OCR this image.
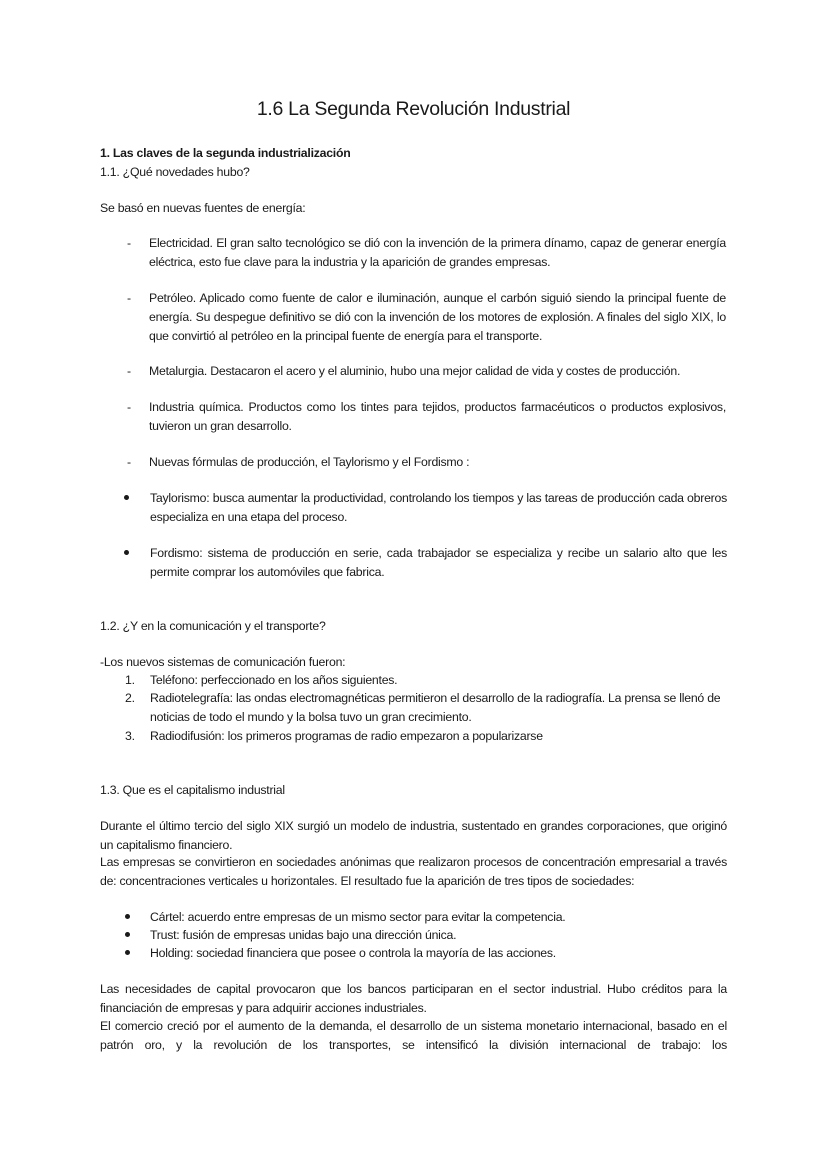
1.6 La Segunda Revolución Industrial
1. Las claves de la segunda industrialización
1.1. ¿Qué novedades hubo?
Se basó en nuevas fuentes de energía:
- Electricidad. El gran salto tecnológico se dió con la invención de la primera dínamo, capaz de generar energía eléctrica, esto fue clave para la industria y la aparición de grandes empresas.
- Petróleo. Aplicado como fuente de calor e iluminación, aunque el carbón siguió siendo la principal fuente de energía. Su despegue definitivo se dió con la invención de los motores de explosión. A finales del siglo XIX, lo que convirtió al petróleo en la principal fuente de energía para el transporte.
- Metalurgia. Destacaron el acero y el aluminio, hubo una mejor calidad de vida y costes de producción.
- Industria química. Productos como los tintes para tejidos, productos farmacéuticos o productos explosivos, tuvieron un gran desarrollo.
- Nuevas fórmulas de producción, el Taylorismo y el Fordismo :
Taylorismo: busca aumentar la productividad, controlando los tiempos y las tareas de producción cada obreros especializa en una etapa del proceso.
Fordismo: sistema de producción en serie, cada trabajador se especializa y recibe un salario alto que les permite comprar los automóviles que fabrica.
1.2. ¿Y en la comunicación y el transporte?
-Los nuevos sistemas de comunicación fueron:
1. Teléfono: perfeccionado en los años siguientes.
2. Radiotelegrafía: las ondas electromagnéticas permitieron el desarrollo de la radiografía. La prensa se llenó de noticias de todo el mundo y la bolsa tuvo un gran crecimiento.
3. Radiodifusión: los primeros programas de radio empezaron a popularizarse
1.3. Que es el capitalismo industrial
Durante el último tercio del siglo XIX surgió un modelo de industria, sustentado en grandes corporaciones, que originó un capitalismo financiero.
Las empresas se convirtieron en sociedades anónimas que realizaron procesos de concentración empresarial a través de: concentraciones verticales u horizontales. El resultado fue la aparición de tres tipos de sociedades:
Cártel: acuerdo entre empresas de un mismo sector para evitar la competencia.
Trust: fusión de empresas unidas bajo una dirección única.
Holding: sociedad financiera que posee o controla la mayoría de las acciones.
Las necesidades de capital provocaron que los bancos participaran en el sector industrial. Hubo créditos para la financiación de empresas y para adquirir acciones industriales.
El comercio creció por el aumento de la demanda, el desarrollo de un sistema monetario internacional, basado en el patrón oro, y la revolución de los transportes, se intensificó la división internacional de trabajo: los
